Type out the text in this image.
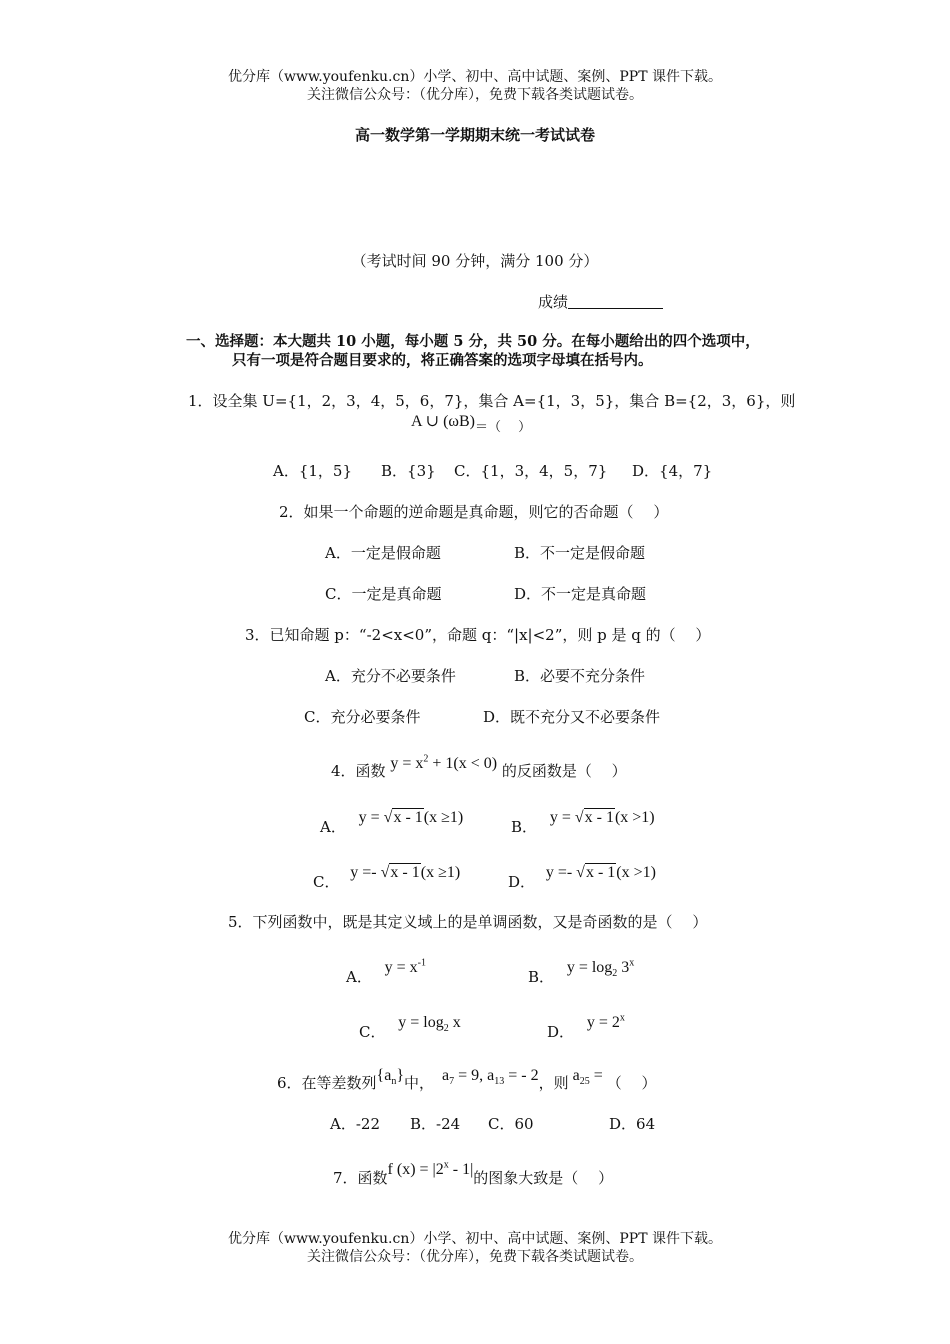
优分库（www.youfenku.cn）小学、初中、高中试题、案例、PPT 课件下载。
关注微信公众号：（优分库），免费下载各类试题试卷。
高一数学第一学期期末统一考试试卷
（考试时间 90 分钟，满分 100 分）
成绩
一、选择题：本大题共 10 小题，每小题 5 分，共 50 分。在每小题给出的四个选项中，
只有一项是符合题目要求的，将正确答案的选项字母填在括号内。
1．设全集 U={1，2，3，4，5，6，7}，集合 A={1，3，5}，集合 B={2，3，6}，则
A ∪ (ωB)＝（　 ）
A．{1，5} B．{3} C．{1，3，4，5，7} D．{4，7}
2．如果一个命题的逆命题是真命题，则它的否命题（　 ）
A．一定是假命题	B．不一定是假命题
C．一定是真命题	D．不一定是真命题
3．已知命题 p：“-2<x<0”，命题 q：“|x|<2”，则 p 是 q 的（　 ）
A．充分不必要条件	B．必要不充分条件
C．充分必要条件	D．既不充分又不必要条件
4．函数 $y = x^2 + 1(x < 0)$ 的反函数是（　 ）
A． y = √x - 1(x ≥1)
B． y = √x - 1(x >1)
C． y =- √x - 1(x ≥1)
D． y =- √x - 1(x >1)
5．下列函数中，既是其定义域上的是单调函数，又是奇函数的是（　 ）
A． $y = x^{-1}$
B． $y = \log_2 3^x$
C． $y = \log_2 x$
D． $y = 2^x$
6．在等差数列$\{a_n\}$中， $a_7 = 9$, $a_{13}$ = - 2，则 $a_{25}$ = （　 ）
A．-22 B．-24 C．60	D．64
7．函数f $(x) = |2^x - 1|$的图象大致是（　 ）
优分库（www.youfenku.cn）小学、初中、高中试题、案例、PPT 课件下载。
关注微信公众号：（优分库），免费下载各类试题试卷。
